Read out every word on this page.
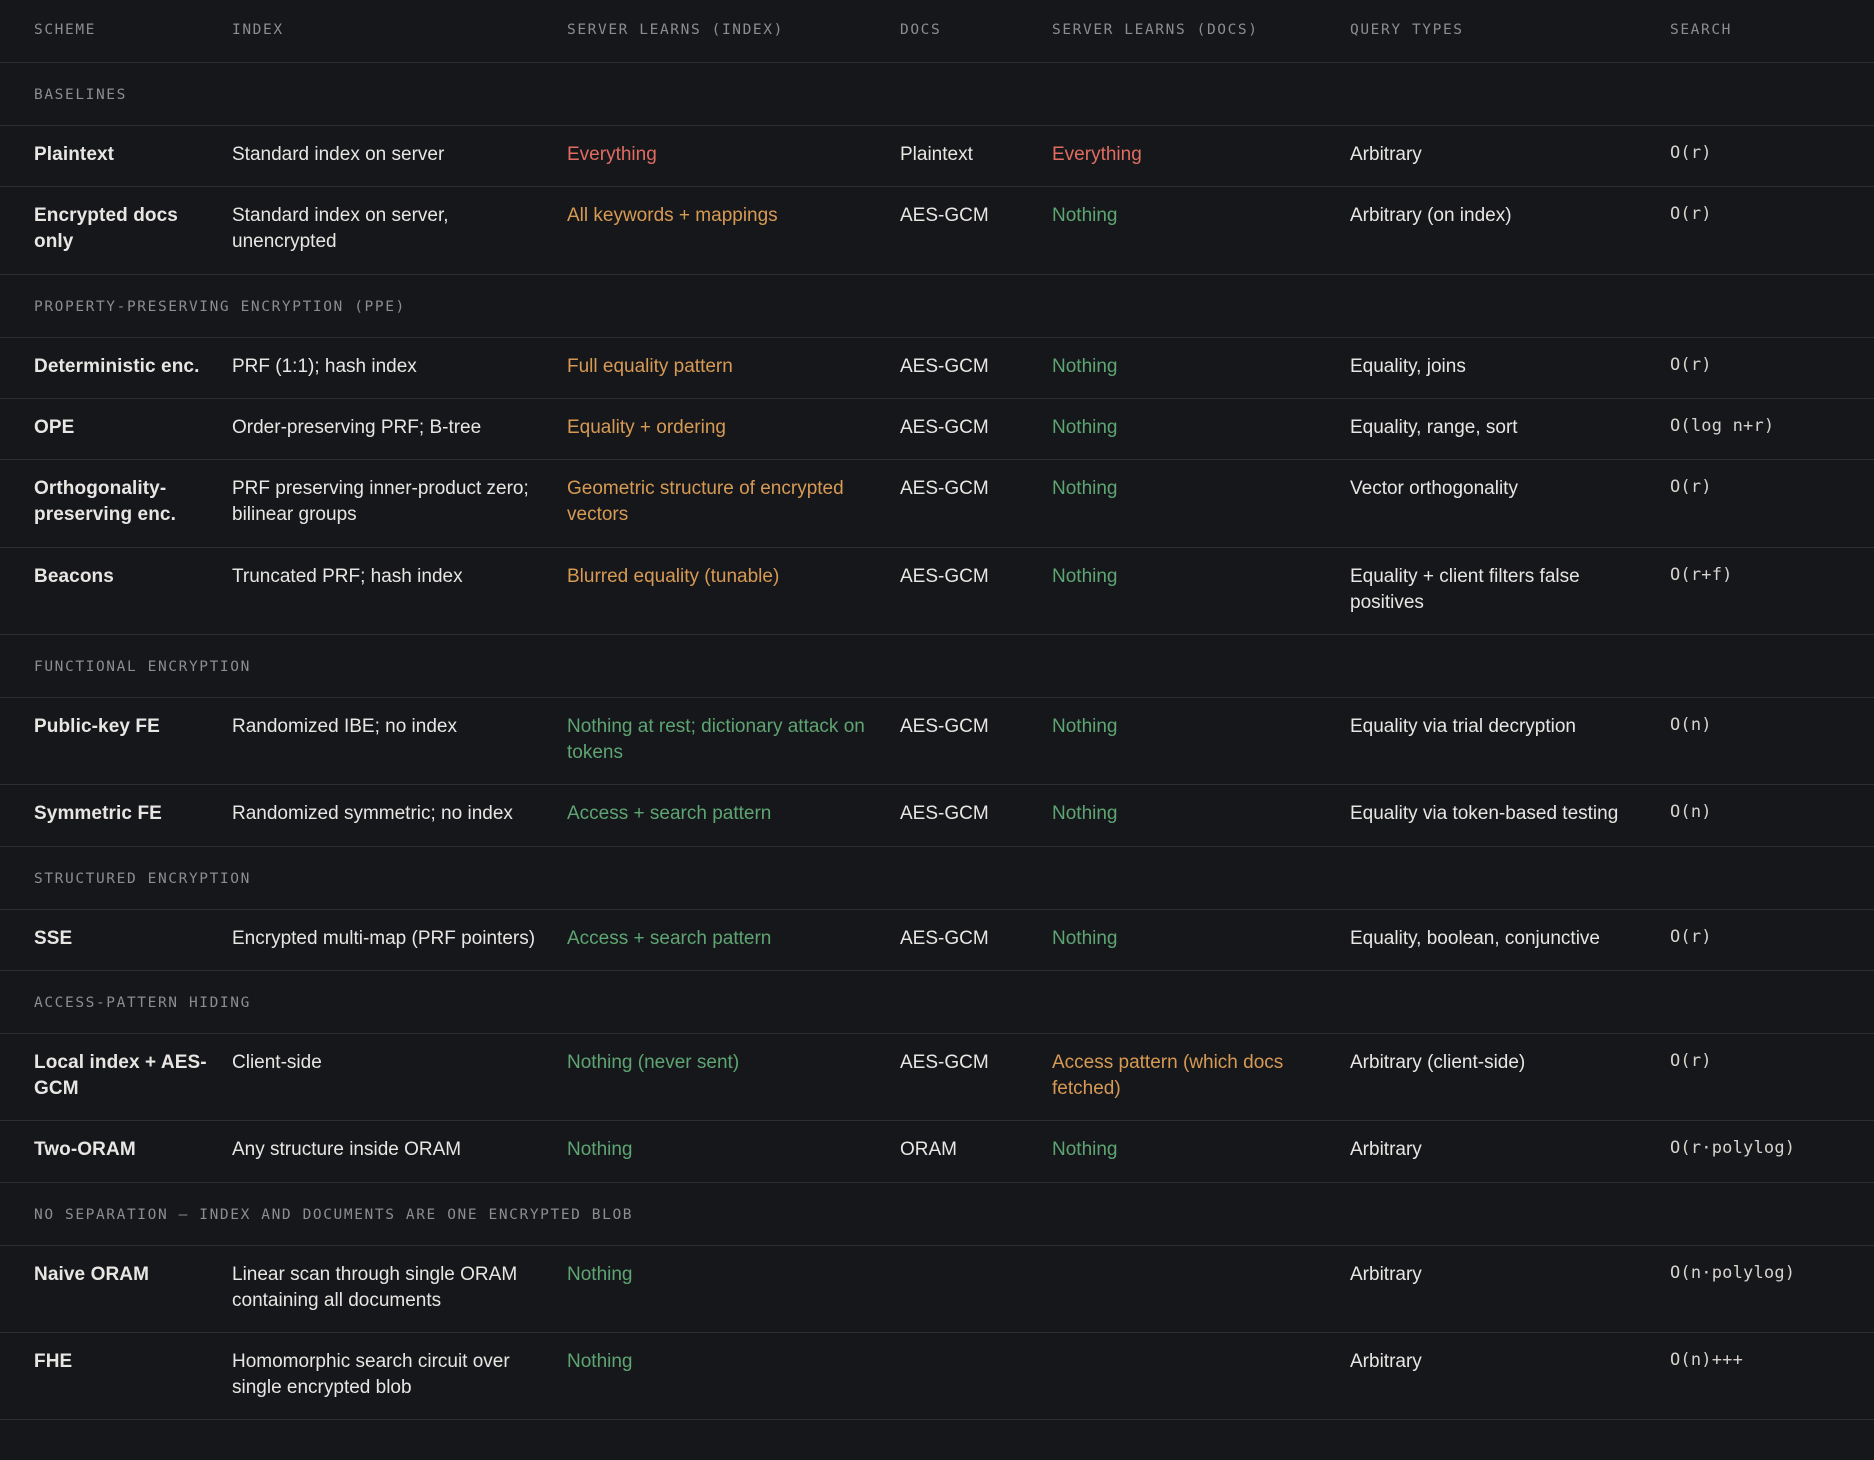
SCHEME	INDEX	SERVER LEARNS (INDEX)	DOCS	SERVER LEARNS (DOCS)	QUERY TYPES	SEARCH
BASELINES						
Plaintext	Standard index on server	Everything	Plaintext	Everything	Arbitrary	O(r)
Encrypted docs only	Standard index on server, unencrypted	All keywords + mappings	AES-GCM	Nothing	Arbitrary (on index)	O(r)
PROPERTY-PRESERVING ENCRYPTION (PPE)						
Deterministic enc.	PRF (1:1); hash index	Full equality pattern	AES-GCM	Nothing	Equality, joins	O(r)
OPE	Order-preserving PRF; B-tree	Equality + ordering	AES-GCM	Nothing	Equality, range, sort	O(log n+r)
Orthogonality-preserving enc.	PRF preserving inner-product zero; bilinear groups	Geometric structure of encrypted vectors	AES-GCM	Nothing	Vector orthogonality	O(r)
Beacons	Truncated PRF; hash index	Blurred equality (tunable)	AES-GCM	Nothing	Equality + client filters false positives	O(r+f)
FUNCTIONAL ENCRYPTION						
Public-key FE	Randomized IBE; no index	Nothing at rest; dictionary attack on tokens	AES-GCM	Nothing	Equality via trial decryption	O(n)
Symmetric FE	Randomized symmetric; no index	Access + search pattern	AES-GCM	Nothing	Equality via token-based testing	O(n)
STRUCTURED ENCRYPTION						
SSE	Encrypted multi-map (PRF pointers)	Access + search pattern	AES-GCM	Nothing	Equality, boolean, conjunctive	O(r)
ACCESS-PATTERN HIDING						
Local index + AES-GCM	Client-side	Nothing (never sent)	AES-GCM	Access pattern (which docs fetched)	Arbitrary (client-side)	O(r)
Two-ORAM	Any structure inside ORAM	Nothing	ORAM	Nothing	Arbitrary	O(r·polylog)
NO SEPARATION — INDEX AND DOCUMENTS ARE ONE ENCRYPTED BLOB						
Naive ORAM	Linear scan through single ORAM containing all documents	Nothing			Arbitrary	O(n·polylog)
FHE	Homomorphic search circuit over single encrypted blob	Nothing			Arbitrary	O(n)+++
